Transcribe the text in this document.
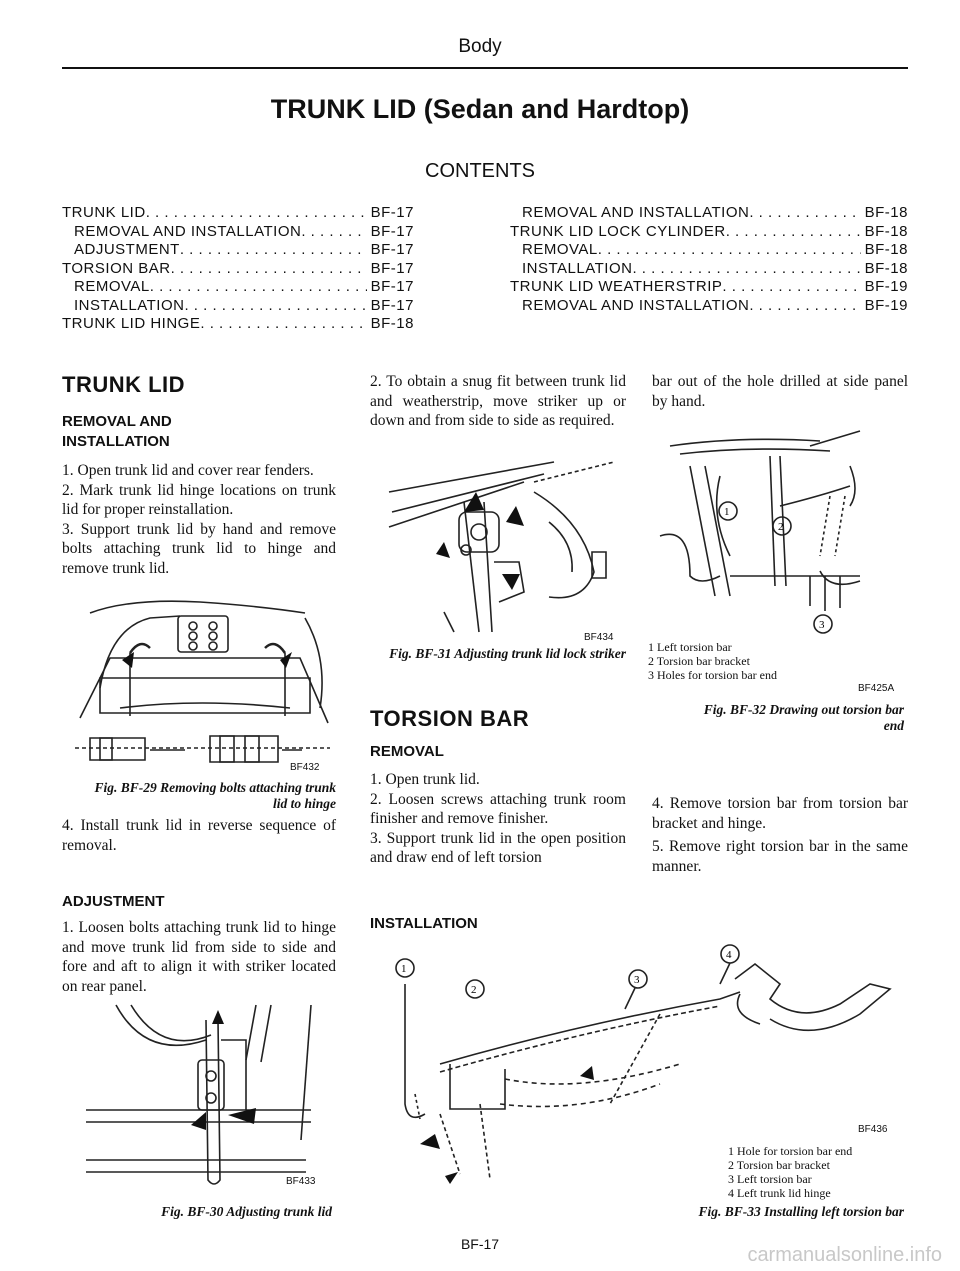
Body
TRUNK LID (Sedan and Hardtop)
CONTENTS
TRUNK LID . . .	BF-17
REMOVAL AND INSTALLATION . . .	BF-17
ADJUSTMENT . . .	BF-17
TORSION BAR . . .	BF-17
REMOVAL . . .	BF-17
INSTALLATION . . .	BF-17
TRUNK LID HINGE . . .	BF-18
REMOVAL AND INSTALLATION . . .	BF-18
TRUNK LID LOCK CYLINDER . . .	BF-18
REMOVAL . . .	BF-18
INSTALLATION . . .	BF-18
TRUNK LID WEATHERSTRIP . . .	BF-19
REMOVAL AND INSTALLATION . . .	BF-19
TRUNK LID
REMOVAL AND INSTALLATION

1. Open trunk lid and cover rear fenders.

2. Mark trunk lid hinge locations on trunk lid for proper reinstallation.

3. Support trunk lid by hand and remove bolts attaching trunk lid to hinge and remove trunk lid.

BF432
Fig. BF-29 Removing bolts attaching trunk lid to hinge

4. Install trunk lid in reverse sequence of removal.

ADJUSTMENT

1. Loosen bolts attaching trunk lid to hinge and move trunk lid from side to side and fore and aft to align it with striker located on rear panel.

BF433
Fig. BF-30 Adjusting trunk lid

2. To obtain a snug fit between trunk lid and weatherstrip, move striker up or down and from side to side as required.

BF434
Fig. BF-31 Adjusting trunk lid lock striker
TORSION BAR
REMOVAL

1. Open trunk lid.

2. Loosen screws attaching trunk room finisher and remove finisher.

3. Support trunk lid in the open position and draw end of left torsion

INSTALLATION

bar out of the hole drilled at side panel by hand.

1
2
3
1 Left torsion bar
2 Torsion bar bracket
3 Holes for torsion bar end
BF425A
Fig. BF-32 Drawing out torsion bar end

4. Remove torsion bar from torsion bar bracket and hinge.

5. Remove right torsion bar in the same manner.

1
2
3
4
BF436
1 Hole for torsion bar end
2 Torsion bar bracket
3 Left torsion bar
4 Left trunk lid hinge
Fig. BF-33 Installing left torsion bar
BF-17	carmanualsonline.info
